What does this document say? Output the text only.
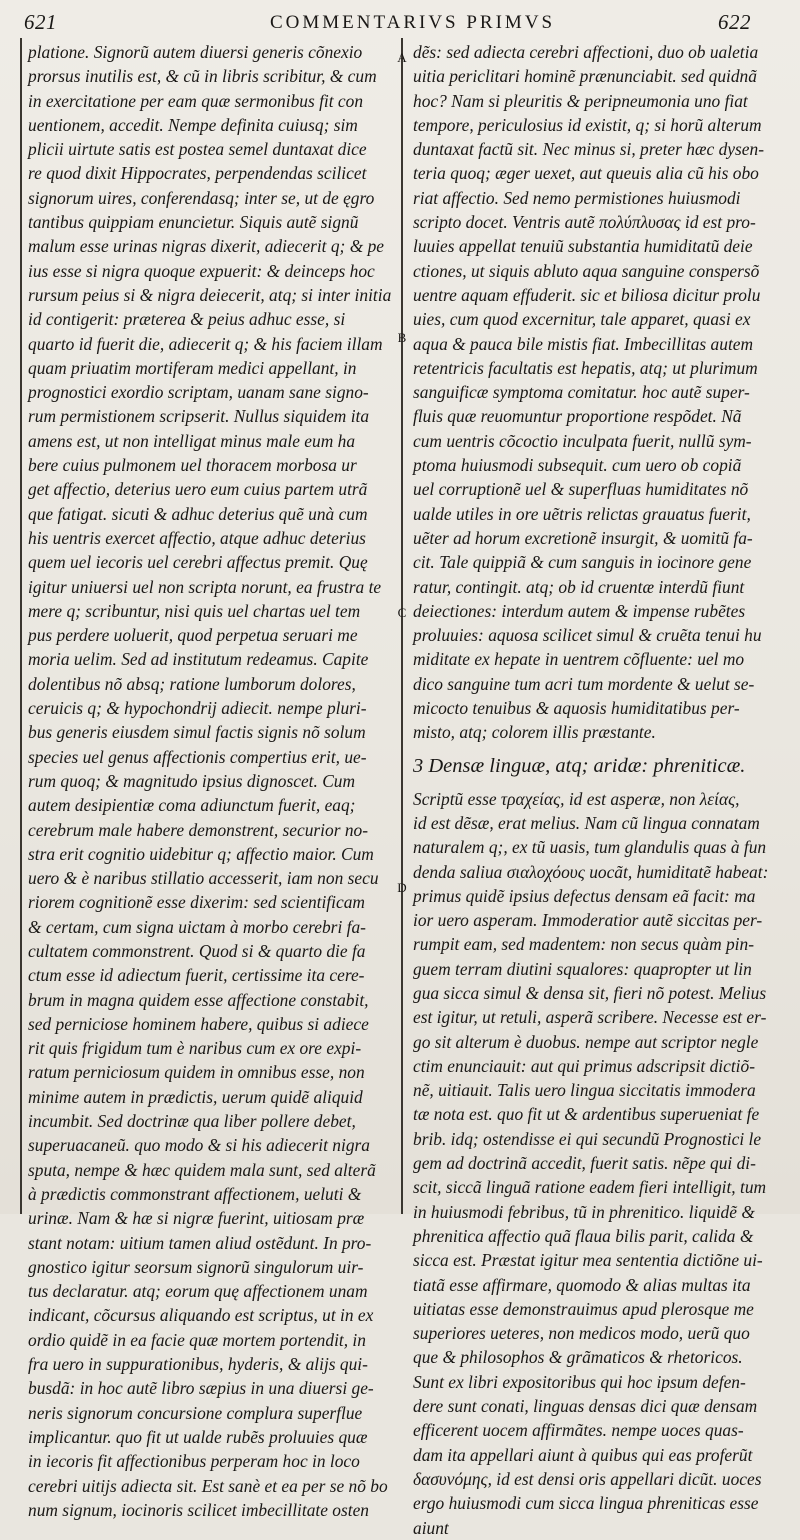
621	COMMENTARIVS PRIMVS	622
A
B
C
D
platione. Signorũ autem diuersi generis cõnexio
prorsus inutilis est, & cũ in libris scribitur, & cum
in exercitatione per eam quæ sermonibus fit con
uentionem, accedit. Nempe definita cuiusq; sim
plicii uirtute satis est postea semel duntaxat dice
re quod dixit Hippocrates, perpendendas scilicet
signorum uires, conferendasq; inter se, ut de ęgro
tantibus quippiam enuncietur. Siquis autẽ signũ
malum esse urinas nigras dixerit, adiecerit q; & pe
ius esse si nigra quoque expuerit: & deinceps hoc
rursum peius si & nigra deiecerit, atq; si inter initia
id contigerit: præterea & peius adhuc esse, si
quarto id fuerit die, adiecerit q; & his faciem illam
quam priuatim mortiferam medici appellant, in
prognostici exordio scriptam, uanam sane signo-
rum permistionem scripserit. Nullus siquidem ita
amens est, ut non intelligat minus male eum ha
bere cuius pulmonem uel thoracem morbosa ur
get affectio, deterius uero eum cuius partem utrã
que fatigat. sicuti & adhuc deterius quẽ unà cum
his uentris exercet affectio, atque adhuc deterius
quem uel iecoris uel cerebri affectus premit. Quę
igitur uniuersi uel non scripta norunt, ea frustra te
mere q; scribuntur, nisi quis uel chartas uel tem
pus perdere uoluerit, quod perpetua seruari me
moria uelim. Sed ad institutum redeamus. Capite
dolentibus nõ absq; ratione lumborum dolores,
ceruicis q; & hypochondrij adiecit. nempe pluri-
bus generis eiusdem simul factis signis nõ solum
species uel genus affectionis compertius erit, ue-
rum quoq; & magnitudo ipsius dignoscet. Cum
autem desipientiæ coma adiunctum fuerit, eaq;
cerebrum male habere demonstrent, securior no-
stra erit cognitio uidebitur q; affectio maior. Cum
uero & è naribus stillatio accesserit, iam non secu
riorem cognitionẽ esse dixerim: sed scientificam
& certam, cum signa uictam à morbo cerebri fa-
cultatem commonstrent. Quod si & quarto die fa
ctum esse id adiectum fuerit, certissime ita cere-
brum in magna quidem esse affectione constabit,
sed perniciose hominem habere, quibus si adiece
rit quis frigidum tum è naribus cum ex ore expi-
ratum perniciosum quidem in omnibus esse, non
minime autem in prædictis, uerum quidẽ aliquid
incumbit. Sed doctrinæ qua liber pollere debet,
superuacaneũ. quo modo & si his adiecerit nigra
sputa, nempe & hæc quidem mala sunt, sed alterã
à prædictis commonstrant affectionem, ueluti &
urinæ. Nam & hæ si nigræ fuerint, uitiosam præ
stant notam: uitium tamen aliud ostẽdunt. In pro-
gnostico igitur seorsum signorũ singulorum uir-
tus declaratur. atq; eorum quę affectionem unam
indicant, cõcursus aliquando est scriptus, ut in ex
ordio quidẽ in ea facie quæ mortem portendit, in
fra uero in suppurationibus, hyderis, & alijs qui-
busdã: in hoc autẽ libro sæpius in una diuersi ge-
neris signorum concursione complura superflue
implicantur. quo fit ut ualde rubẽs proluuies quæ
in iecoris fit affectionibus perperam hoc in loco
cerebri uitijs adiecta sit. Est sanè et ea per se nõ bo
num signum, iocinoris scilicet imbecillitate osten
dẽs: sed adiecta cerebri affectioni, duo ob ualetia
uitia periclitari hominẽ prænunciabit. sed quidnã
hoc? Nam si pleuritis & peripneumonia uno fiat
tempore, periculosius id existit, q; si horũ alterum
duntaxat factũ sit. Nec minus si, preter hæc dysen-
teria quoq; æger uexet, aut queuis alia cũ his obo
riat affectio. Sed nemo permistiones huiusmodi
scripto docet. Ventris autẽ πολύπλυσας id est pro-
luuies appellat tenuiũ substantia humiditatũ deie
ctiones, ut siquis abluto aqua sanguine conspersõ
uentre aquam effuderit. sic et biliosa dicitur prolu
uies, cum quod excernitur, tale apparet, quasi ex
aqua & pauca bile mistis fiat. Imbecillitas autem
retentricis facultatis est hepatis, atq; ut plurimum
sanguificæ symptoma comitatur. hoc autẽ super-
fluis quæ reuomuntur proportione respõdet. Nã
cum uentris cõcoctio inculpata fuerit, nullũ sym-
ptoma huiusmodi subsequit. cum uero ob copiã
uel corruptionẽ uel & superfluas humiditates nõ
ualde utiles in ore uẽtris relictas grauatus fuerit,
uẽter ad horum excretionẽ insurgit, & uomitũ fa-
cit. Tale quippiã & cum sanguis in iocinore gene
ratur, contingit. atq; ob id cruentæ interdũ fiunt
deiectiones: interdum autem & impense rubẽtes
proluuies: aquosa scilicet simul & cruẽta tenui hu
miditate ex hepate in uentrem cõfluente: uel mo
dico sanguine tum acri tum mordente & uelut se-
micocto tenuibus & aquosis humiditatibus per-
misto, atq; colorem illis præstante.
3 Densæ linguæ, atq; aridæ: phreniticæ.
Scriptũ esse τραχείας, id est asperæ, non λείας,
id est dẽsæ, erat melius. Nam cũ lingua connatam
naturalem q;, ex tũ uasis, tum glandulis quas à fun
denda saliua σιαλοχόους uocãt, humiditatẽ habeat:
primus quidẽ ipsius defectus densam eã facit: ma
ior uero asperam. Immoderatior autẽ siccitas per-
rumpit eam, sed madentem: non secus quàm pin-
guem terram diutini squalores: quapropter ut lin
gua sicca simul & densa sit, fieri nõ potest. Melius
est igitur, ut retuli, asperã scribere. Necesse est er-
go sit alterum è duobus. nempe aut scriptor negle
ctim enunciauit: aut qui primus adscripsit dictiõ-
nẽ, uitiauit. Talis uero lingua siccitatis immodera
tæ nota est. quo fit ut & ardentibus superueniat fe
brib. idq; ostendisse ei qui secundũ Prognostici le
gem ad doctrinã accedit, fuerit satis. nẽpe qui di-
scit, siccã linguã ratione eadem fieri intelligit, tum
in huiusmodi febribus, tũ in phrenitico. liquidẽ &
phrenitica affectio quã flaua bilis parit, calida &
sicca est. Præstat igitur mea sententia dictiõne ui-
tiatã esse affirmare, quomodo & alias multas ita
uitiatas esse demonstrauimus apud plerosque me
superiores ueteres, non medicos modo, uerũ quo
que & philosophos & grãmaticos & rhetoricos.
Sunt ex libri expositoribus qui hoc ipsum defen-
dere sunt conati, linguas densas dici quæ densam
efficerent uocem affirmãtes. nempe uoces quas-
dam ita appellari aiunt à quibus qui eas proferũt
δασυνόμης, id est densi oris appellari dicũt. uoces
ergo huiusmodi cum sicca lingua phreniticas esse
aiunt
